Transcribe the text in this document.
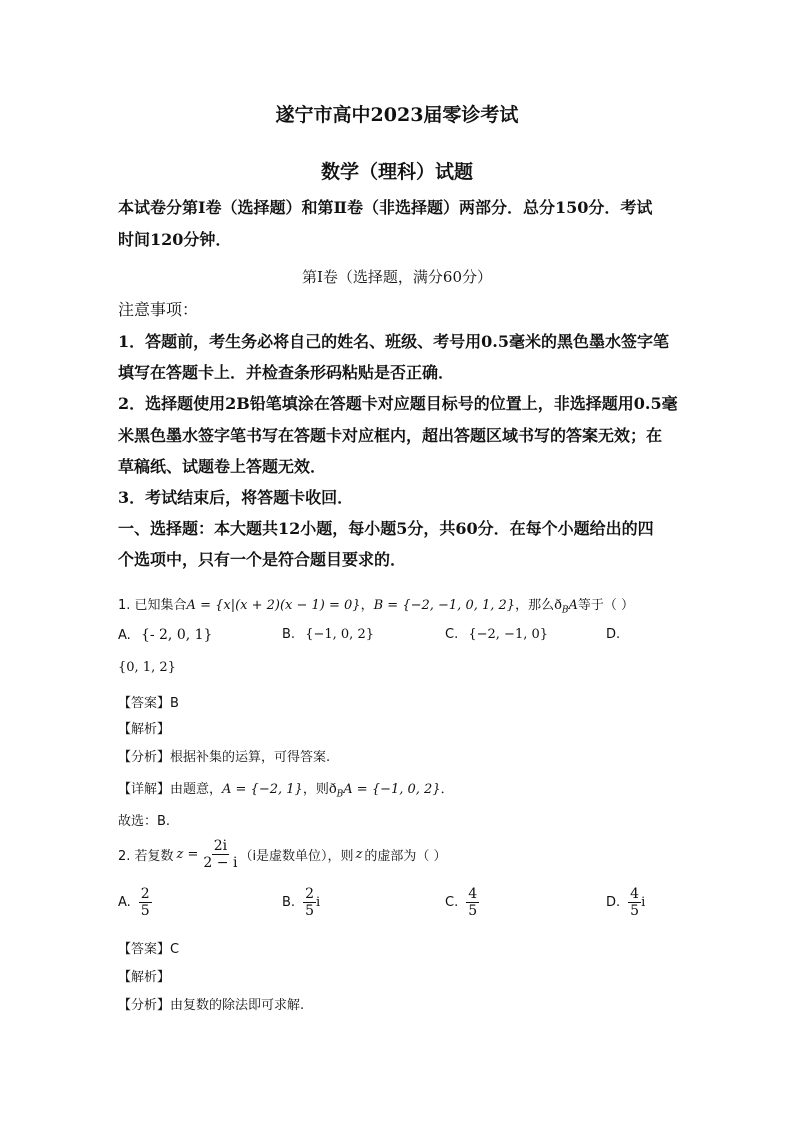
遂宁市高中2023届零诊考试
数学（理科）试题
本试卷分第Ⅰ卷（选择题）和第Ⅱ卷（非选择题）两部分．总分150分．考试
时间120分钟．
第Ⅰ卷（选择题，满分60分）
注意事项：
1．答题前，考生务必将自己的姓名、班级、考号用0.5毫米的黑色墨水签字笔
填写在答题卡上．并检查条形码粘贴是否正确．
2．选择题使用2B铅笔填涂在答题卡对应题目标号的位置上，非选择题用0.5毫
米黑色墨水签字笔书写在答题卡对应框内，超出答题区域书写的答案无效；在
草稿纸、试题卷上答题无效．
3．考试结束后，将答题卡收回．
一、选择题：本大题共12小题，每小题5分，共60分．在每个小题给出的四
个选项中，只有一个是符合题目要求的．
1. 已知集合A = {x|(x + 2)(x − 1) = 0}，B = {−2, −1, 0, 1, 2}，那么$ð_BA$等于（ ）
A. {- 2, 0, 1}	B. {−1, 0, 2}	C. {−2, −1, 0}	D.
{0, 1, 2}
【答案】B
【解析】
【分析】根据补集的运算，可得答案.
【详解】由题意，A = {−2, 1}，则$ð_BA = \{-1$, 0, 2}．
故选：B.
2. 若复数 $z = \frac{2i}{2 - i} (i$是虚数单位），则 z 的虚部为（ ）
A. $\frac{2}{5}$	B. $\frac{2}{5}$ i	C. $\frac{4}{5}$	D. $\frac{4}{5}$ i
【答案】C
【解析】
【分析】由复数的除法即可求解.
